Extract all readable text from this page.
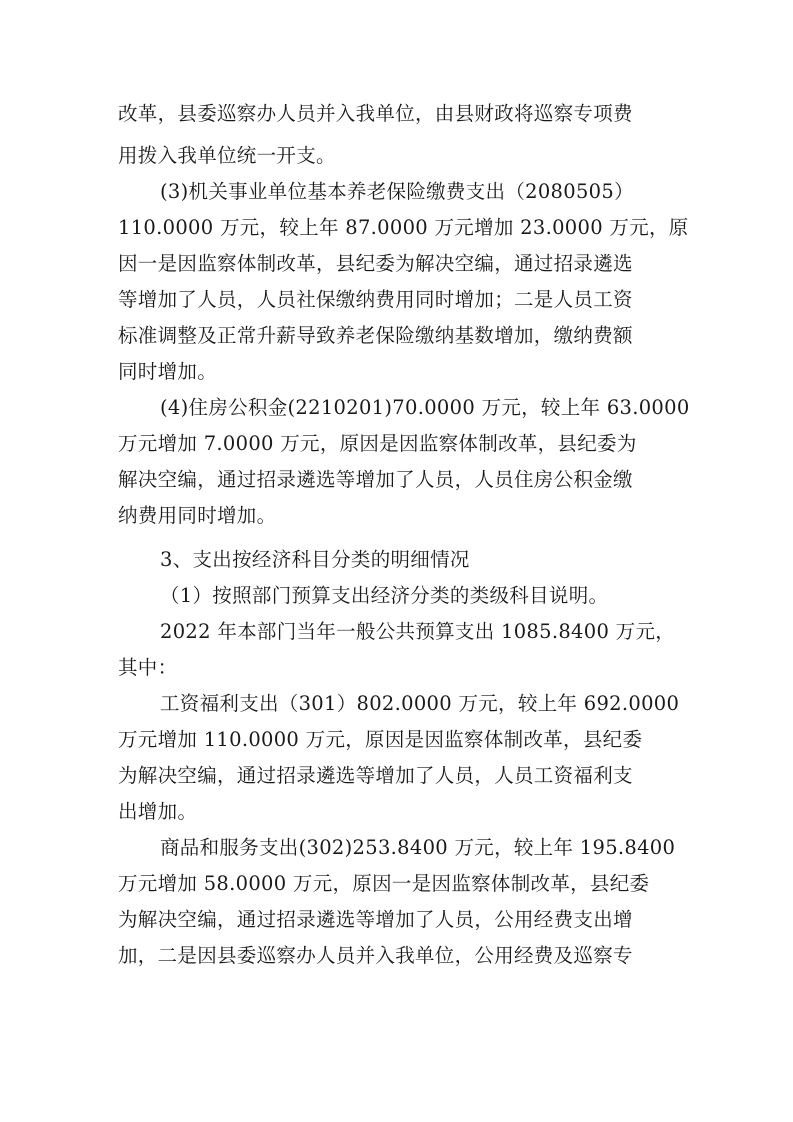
改革，县委巡察办人员并入我单位，由县财政将巡察专项费
用拨入我单位统一开支。
(3)机关事业单位基本养老保险缴费支出（2080505）
110.0000 万元，较上年 87.0000 万元增加 23.0000 万元，原
因一是因监察体制改革，县纪委为解决空编，通过招录遴选
等增加了人员，人员社保缴纳费用同时增加；二是人员工资
标准调整及正常升薪导致养老保险缴纳基数增加，缴纳费额
同时增加。
(4)住房公积金(2210201)70.0000 万元，较上年 63.0000
万元增加 7.0000 万元，原因是因监察体制改革，县纪委为
解决空编，通过招录遴选等增加了人员，人员住房公积金缴
纳费用同时增加。
3、支出按经济科目分类的明细情况
（1）按照部门预算支出经济分类的类级科目说明。
2022 年本部门当年一般公共预算支出 1085.8400 万元，
其中：
工资福利支出（301）802.0000 万元，较上年 692.0000
万元增加 110.0000 万元，原因是因监察体制改革，县纪委
为解决空编，通过招录遴选等增加了人员，人员工资福利支
出增加。
商品和服务支出(302)253.8400 万元，较上年 195.8400
万元增加 58.0000 万元，原因一是因监察体制改革，县纪委
为解决空编，通过招录遴选等增加了人员，公用经费支出增
加，二是因县委巡察办人员并入我单位，公用经费及巡察专
